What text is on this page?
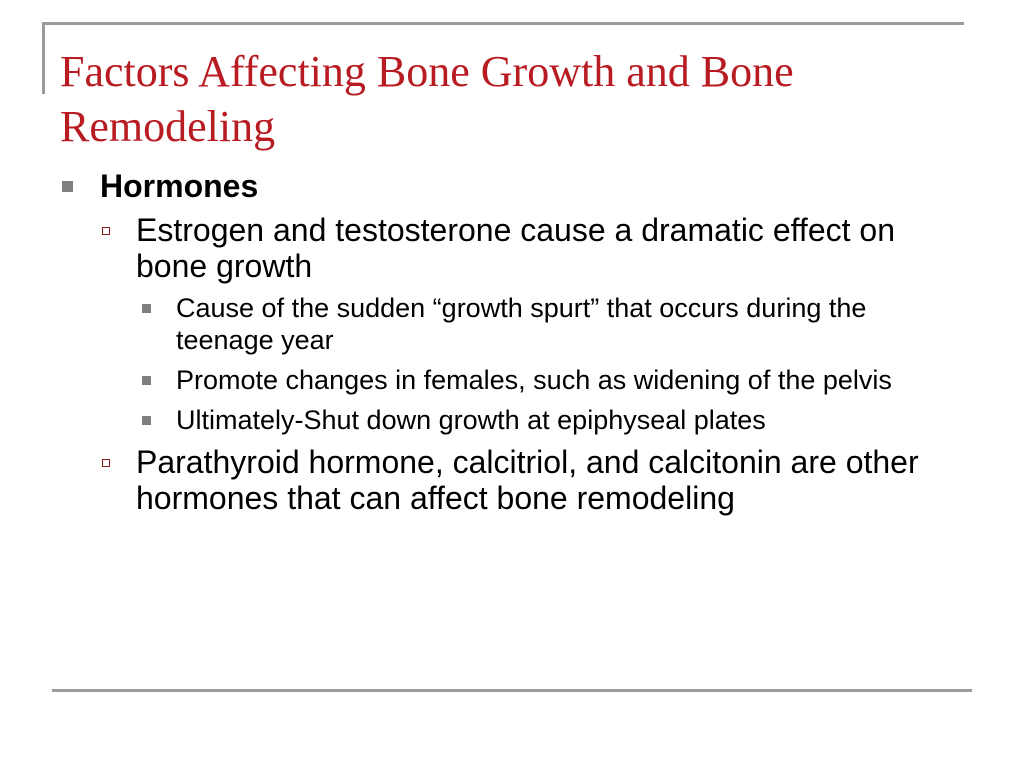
Factors Affecting Bone Growth and Bone Remodeling
Hormones
Estrogen and testosterone cause a dramatic effect on bone growth
Cause of the sudden “growth spurt” that occurs during the teenage year
Promote changes in females, such as widening of the pelvis
Ultimately-Shut down growth at epiphyseal plates
Parathyroid hormone, calcitriol, and calcitonin are other hormones that can affect bone remodeling
